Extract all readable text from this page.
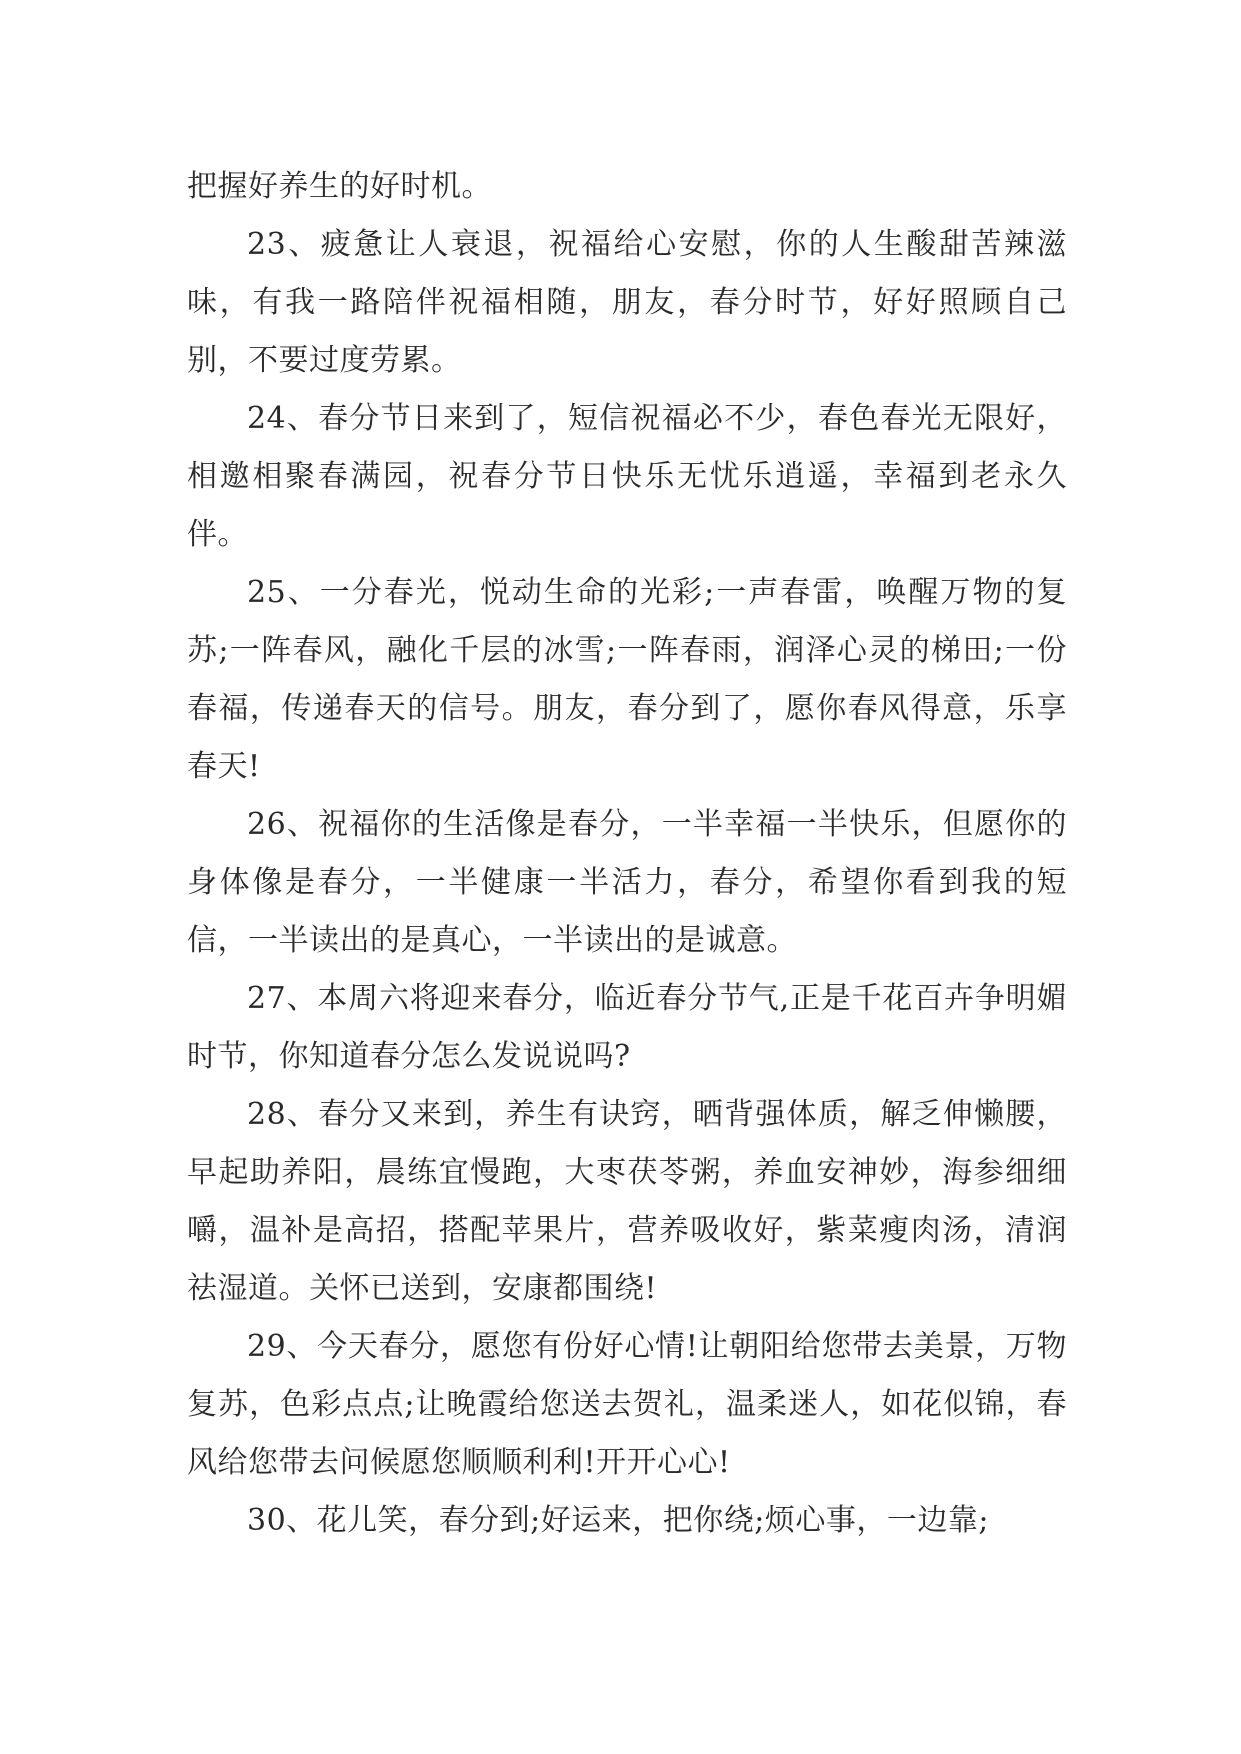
把握好养生的好时机。

23、疲惫让人衰退，祝福给心安慰，你的人生酸甜苦辣滋味，有我一路陪伴祝福相随，朋友，春分时节，好好照顾自己别，不要过度劳累。

24、春分节日来到了，短信祝福必不少，春色春光无限好，相邀相聚春满园，祝春分节日快乐无忧乐逍遥，幸福到老永久伴。

25、一分春光，悦动生命的光彩;一声春雷，唤醒万物的复苏;一阵春风，融化千层的冰雪;一阵春雨，润泽心灵的梯田;一份春福，传递春天的信号。朋友，春分到了，愿你春风得意，乐享春天!

26、祝福你的生活像是春分，一半幸福一半快乐，但愿你的身体像是春分，一半健康一半活力，春分，希望你看到我的短信，一半读出的是真心，一半读出的是诚意。

27、本周六将迎来春分，临近春分节气,正是千花百卉争明媚时节，你知道春分怎么发说说吗?

28、春分又来到，养生有诀窍，晒背强体质，解乏伸懒腰，早起助养阳，晨练宜慢跑，大枣茯苓粥，养血安神妙，海参细细嚼，温补是高招，搭配苹果片，营养吸收好，紫菜瘦肉汤，清润祛湿道。关怀已送到，安康都围绕!

29、今天春分，愿您有份好心情!让朝阳给您带去美景，万物复苏，色彩点点;让晚霞给您送去贺礼，温柔迷人，如花似锦，春风给您带去问候愿您顺顺利利!开开心心!

30、花儿笑，春分到;好运来，把你绕;烦心事，一边靠;
